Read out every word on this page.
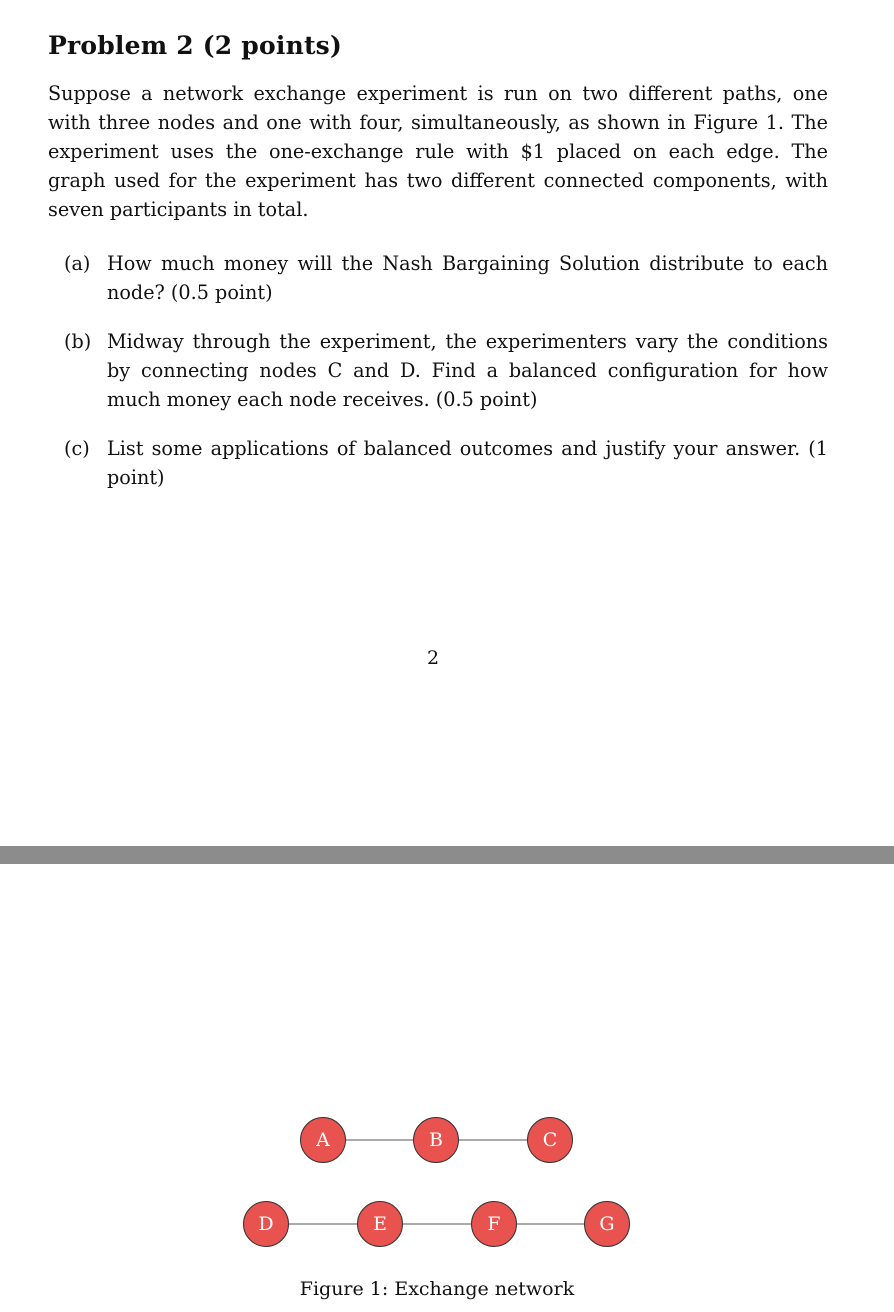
Problem 2 (2 points)

Suppose a network exchange experiment is run on two different paths, one with three nodes and one with four, simultaneously, as shown in Figure 1. The experiment uses the one-exchange rule with $1 placed on each edge. The graph used for the experiment has two different connected components, with seven participants in total.

(a) How much money will the Nash Bargaining Solution distribute to each node? (0.5 point)
(b) Midway through the experiment, the experimenters vary the conditions by connecting nodes C and D. Find a balanced configuration for how much money each node receives. (0.5 point)
(c) List some applications of balanced outcomes and justify your answer. (1 point)
2
A	B	C
D	E	F	G
Figure 1: Exchange network
